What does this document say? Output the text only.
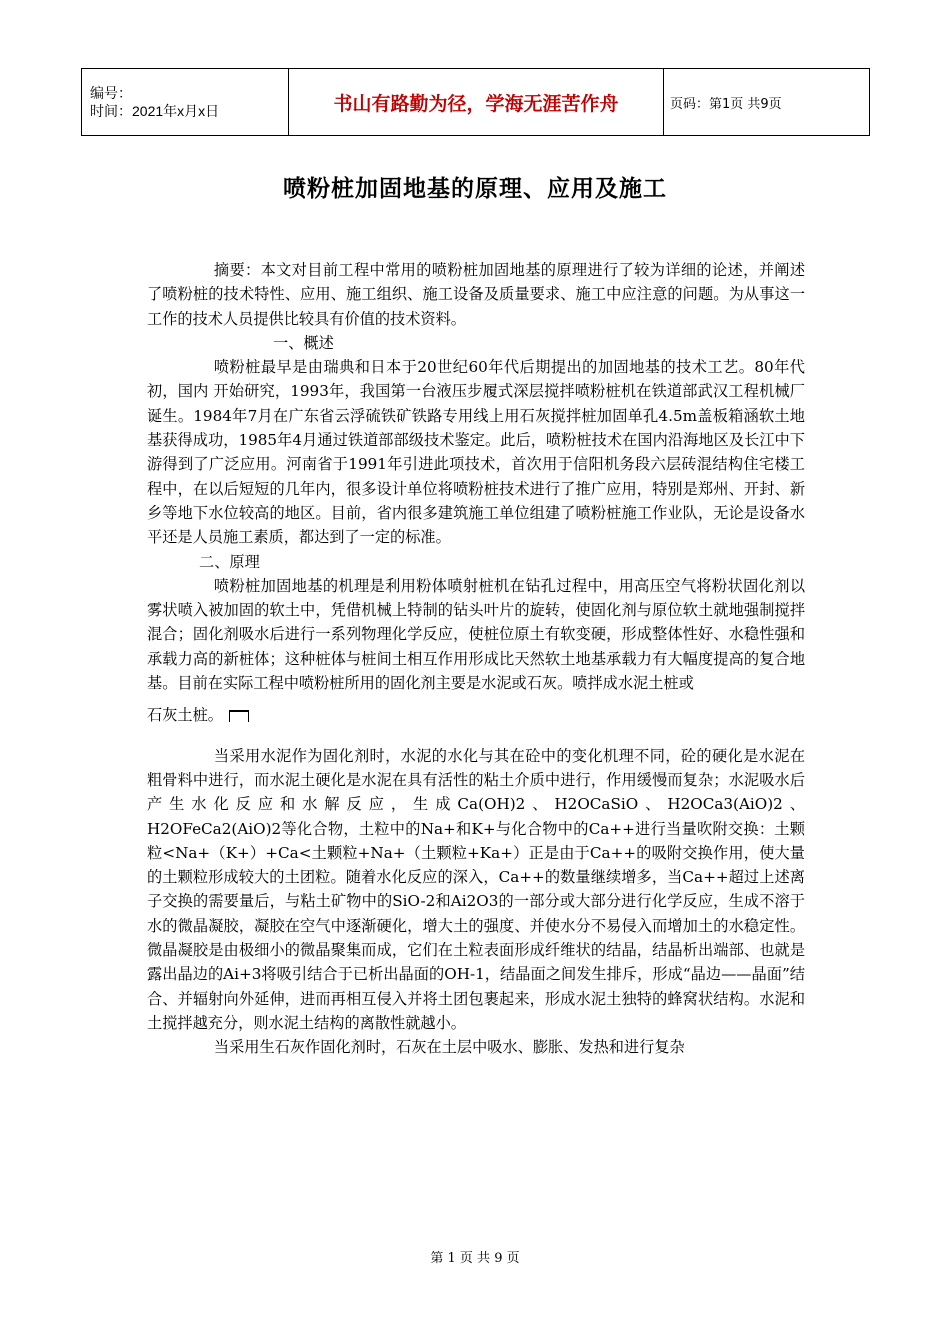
编号：
时间：2021年x月x日	书山有路勤为径，学海无涯苦作舟	页码：第1页 共9页
喷粉桩加固地基的原理、应用及施工

摘要：本文对目前工程中常用的喷粉桩加固地基的原理进行了较为详细的论述，并阐述了喷粉桩的技术特性、应用、施工组织、施工设备及质量要求、施工中应注意的问题。为从事这一工作的技术人员提供比较具有价值的技术资料。

一、概述

喷粉桩最早是由瑞典和日本于20世纪60年代后期提出的加固地基的技术工艺。80年代初，国内 开始研究，1993年，我国第一台液压步履式深层搅拌喷粉桩机在铁道部武汉工程机械厂诞生。1984年7月在广东省云浮硫铁矿铁路专用线上用石灰搅拌桩加固单孔4.5m盖板箱涵软土地基获得成功，1985年4月通过铁道部部级技术鉴定。此后，喷粉桩技术在国内沿海地区及长江中下游得到了广泛应用。河南省于1991年引进此项技术，首次用于信阳机务段六层砖混结构住宅楼工程中，在以后短短的几年内，很多设计单位将喷粉桩技术进行了推广应用，特别是郑州、开封、新乡等地下水位较高的地区。目前，省内很多建筑施工单位组建了喷粉桩施工作业队，无论是设备水平还是人员施工素质，都达到了一定的标准。

二、原理

喷粉桩加固地基的机理是利用粉体喷射桩机在钻孔过程中，用高压空气将粉状固化剂以雾状喷入被加固的软土中，凭借机械上特制的钻头叶片的旋转，使固化剂与原位软土就地强制搅拌混合；固化剂吸水后进行一系列物理化学反应，使桩位原土有软变硬，形成整体性好、水稳性强和承载力高的新桩体；这种桩体与桩间土相互作用形成比天然软土地基承载力有大幅度提高的复合地基。目前在实际工程中喷粉桩所用的固化剂主要是水泥或石灰。喷拌成水泥土桩或

石灰土桩。

当采用水泥作为固化剂时，水泥的水化与其在砼中的变化机理不同，砼的硬化是水泥在粗骨料中进行，而水泥土硬化是水泥在具有活性的粘土介质中进行，作用缓慢而复杂；水泥吸水后产生水化反应和水解反应，生成Ca(OH)2、H2OCaSiO、H2OCa3(AiO)2、H2OFeCa2(AiO)2等化合物，土粒中的Na+和K+与化合物中的Ca++进行当量吹附交换：土颗粒<Na+（K+）+Ca<土颗粒+Na+（土颗粒+Ka+）正是由于Ca++的吸附交换作用，使大量的土颗粒形成较大的土团粒。随着水化反应的深入，Ca++的数量继续增多，当Ca++超过上述离子交换的需要量后，与粘土矿物中的SiO-2和Ai2O3的一部分或大部分进行化学反应，生成不溶于水的微晶凝胶，凝胶在空气中逐渐硬化，增大土的强度、并使水分不易侵入而增加土的水稳定性。微晶凝胶是由极细小的微晶聚集而成，它们在土粒表面形成纤维状的结晶，结晶析出端部、也就是露出晶边的Ai+3将吸引结合于已析出晶面的OH-1，结晶面之间发生排斥，形成“晶边——晶面”结合、并辐射向外延伸，进而再相互侵入并将土团包裹起来，形成水泥土独特的蜂窝状结构。水泥和土搅拌越充分，则水泥土结构的离散性就越小。

当采用生石灰作固化剂时，石灰在土层中吸水、膨胀、发热和进行复杂

第 1 页 共 9 页
